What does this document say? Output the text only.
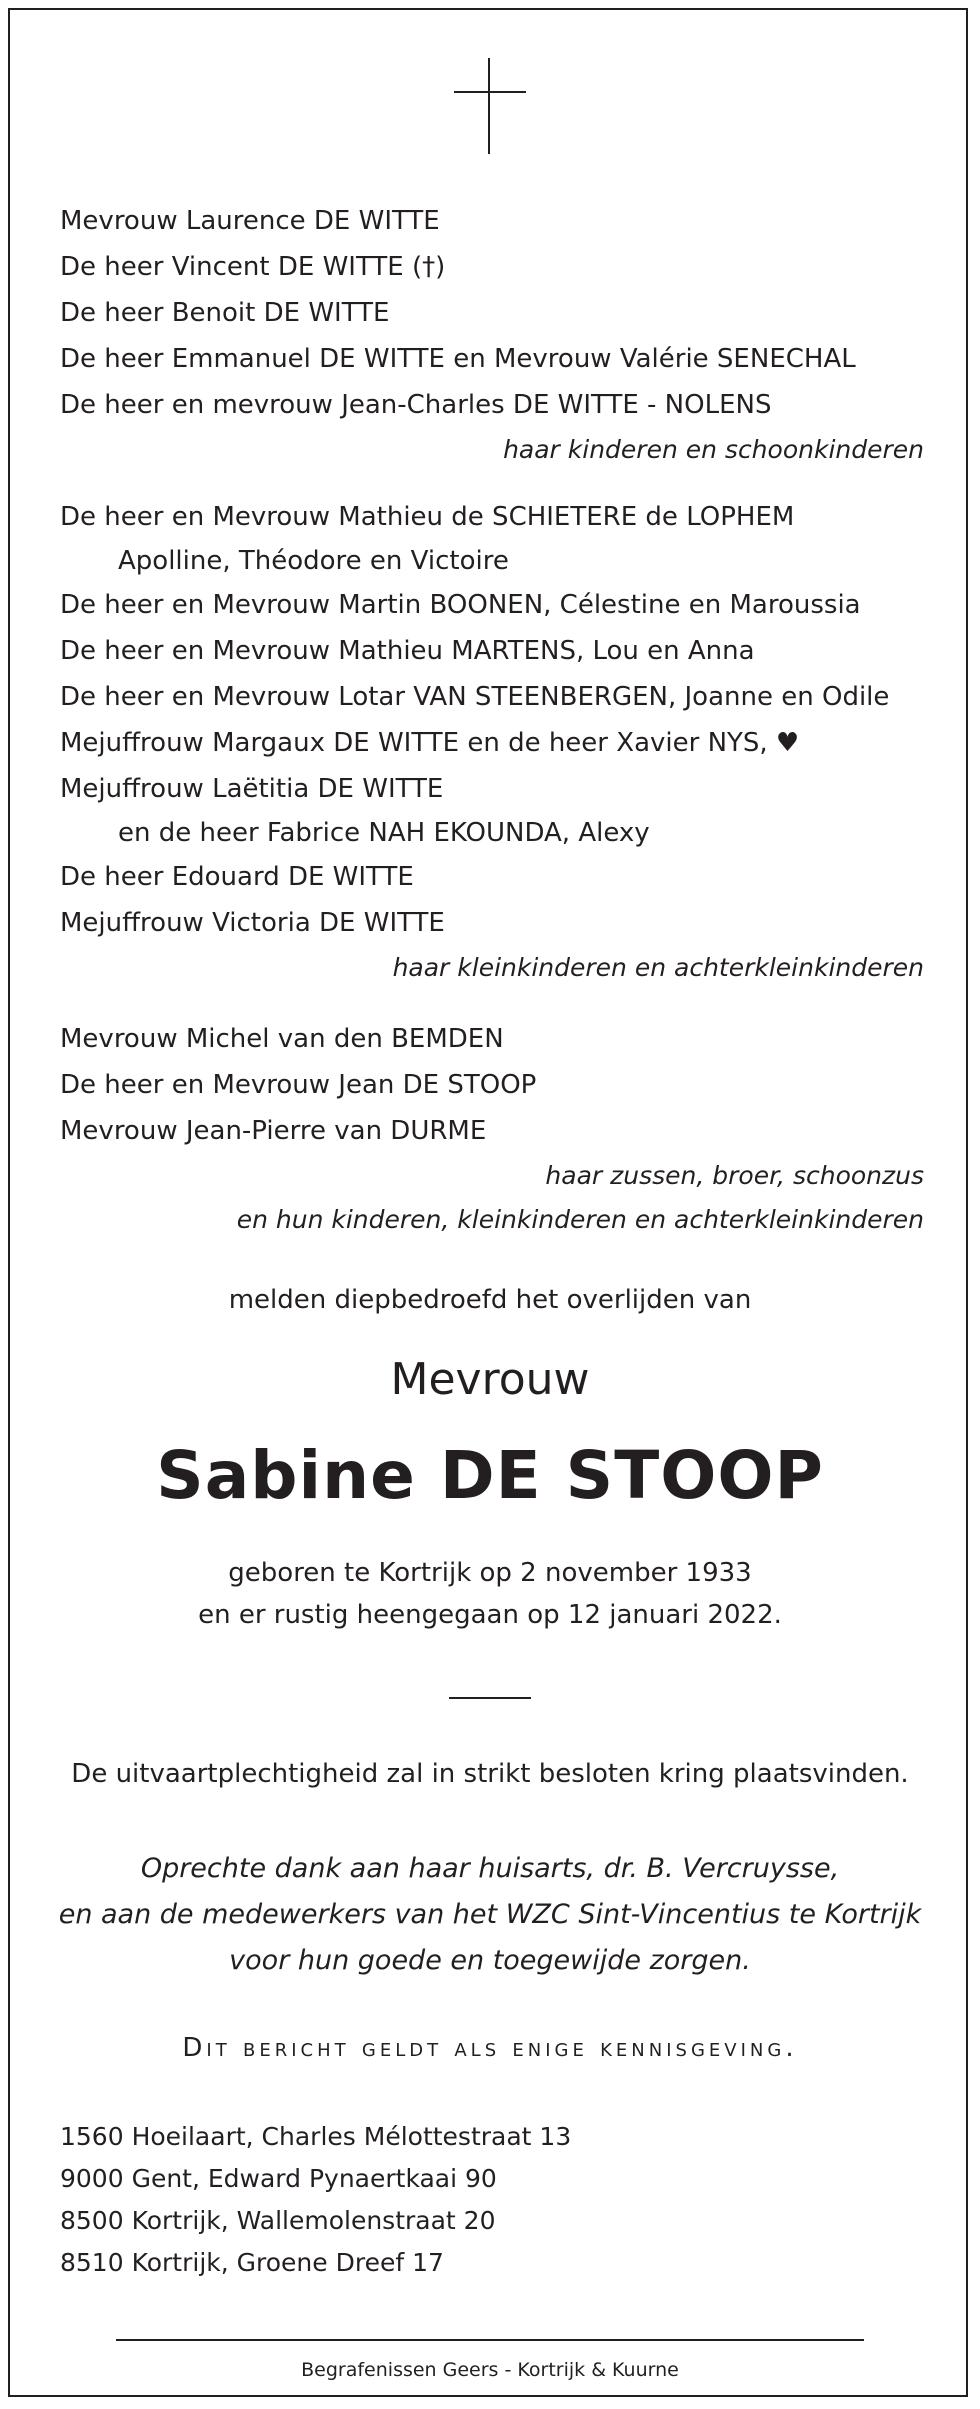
Mevrouw Laurence DE WITTE
De heer Vincent DE WITTE (†)
De heer Benoit DE WITTE
De heer Emmanuel DE WITTE en Mevrouw Valérie SENECHAL
De heer en mevrouw Jean-Charles DE WITTE - NOLENS
haar kinderen en schoonkinderen
De heer en Mevrouw Mathieu de SCHIETERE de LOPHEM
Apolline, Théodore en Victoire
De heer en Mevrouw Martin BOONEN, Célestine en Maroussia
De heer en Mevrouw Mathieu MARTENS, Lou en Anna
De heer en Mevrouw Lotar VAN STEENBERGEN, Joanne en Odile
Mejuffrouw Margaux DE WITTE en de heer Xavier NYS, ♥
Mejuffrouw Laëtitia DE WITTE
en de heer Fabrice NAH EKOUNDA, Alexy
De heer Edouard DE WITTE
Mejuffrouw Victoria DE WITTE
haar kleinkinderen en achterkleinkinderen
Mevrouw Michel van den BEMDEN
De heer en Mevrouw Jean DE STOOP
Mevrouw Jean-Pierre van DURME
haar zussen, broer, schoonzus
en hun kinderen, kleinkinderen en achterkleinkinderen
melden diepbedroefd het overlijden van
Mevrouw
Sabine DE STOOP
geboren te Kortrijk op 2 november 1933
en er rustig heengegaan op 12 januari 2022.
De uitvaartplechtigheid zal in strikt besloten kring plaatsvinden.
Oprechte dank aan haar huisarts, dr. B. Vercruysse,
en aan de medewerkers van het WZC Sint-Vincentius te Kortrijk
voor hun goede en toegewijde zorgen.
Dit bericht geldt als enige kennisgeving.
1560 Hoeilaart, Charles Mélottestraat 13
9000 Gent, Edward Pynaertkaai 90
8500 Kortrijk, Wallemolenstraat 20
8510 Kortrijk, Groene Dreef 17
Begrafenissen Geers - Kortrijk & Kuurne
